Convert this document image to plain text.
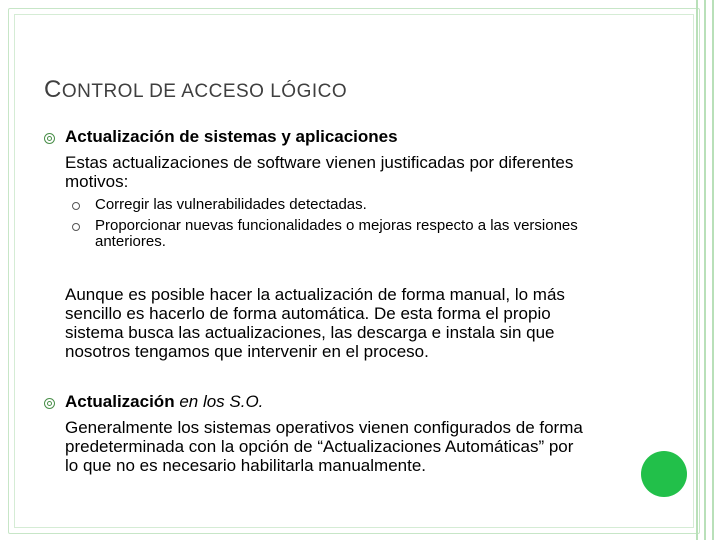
CONTROL DE ACCESO LÓGICO
Actualización de sistemas y aplicaciones
Estas actualizaciones de software vienen justificadas por diferentes
motivos:
Corregir las vulnerabilidades detectadas.
Proporcionar nuevas funcionalidades o mejoras respecto a las versiones
anteriores.
Aunque es posible hacer la actualización de forma manual, lo más
sencillo es hacerlo de forma automática. De esta forma el propio
sistema busca las actualizaciones, las descarga e instala sin que
nosotros tengamos que intervenir en el proceso.
Actualización en los S.O.
Generalmente los sistemas operativos vienen configurados de forma
predeterminada con la opción de “Actualizaciones Automáticas” por
lo que no es necesario habilitarla manualmente.
